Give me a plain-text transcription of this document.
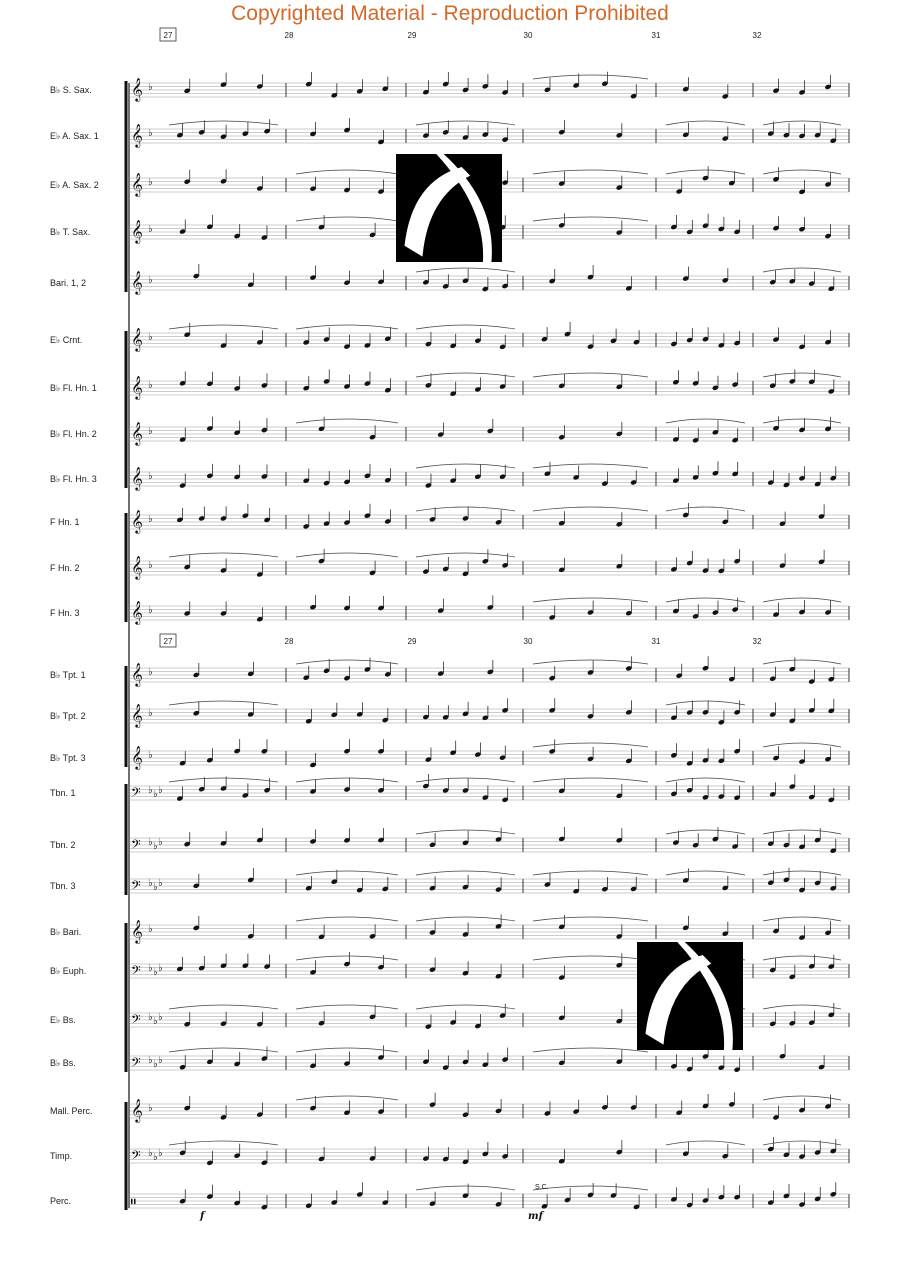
Copyrighted Material - Reproduction Prohibited
27	28	29	30	31	32
27	28	29	30	31	32
B♭ S. Sax. 𝄞 ♭
E♭ A. Sax. 1 𝄞 ♭
E♭ A. Sax. 2 𝄞 ♭
B♭ T. Sax. 𝄞 ♭
Bari. 1, 2 𝄞 ♭
E♭ Crnt. 𝄞 ♭
B♭ Fl. Hn. 1 𝄞 ♭
B♭ Fl. Hn. 2 𝄞 ♭
B♭ Fl. Hn. 3 𝄞 ♭
F Hn. 1	𝄞 ♭
F Hn. 2	𝄞 ♭
F Hn. 3	𝄞 ♭
B♭ Tpt. 1 𝄞 ♭
B♭ Tpt. 2 𝄞 ♭
B♭ Tpt. 3 𝄞 ♭
Tbn. 1	𝄢 ♭ ♭ ♭
Tbn. 2	𝄢 ♭ ♭ ♭
Tbn. 3	𝄢 ♭ ♭ ♭
B♭ Bari. 𝄞 ♭
B♭ Euph.	𝄢 ♭ ♭ ♭
E♭ Bs.	𝄢 ♭ ♭ ♭
B♭ Bs.	𝄢 ♭ ♭ ♭
Mall. Perc. 𝄞 ♭
Timp.	𝄢 ♭ ♭ ♭
Perc.	𝄥
f	mf
S.C.
